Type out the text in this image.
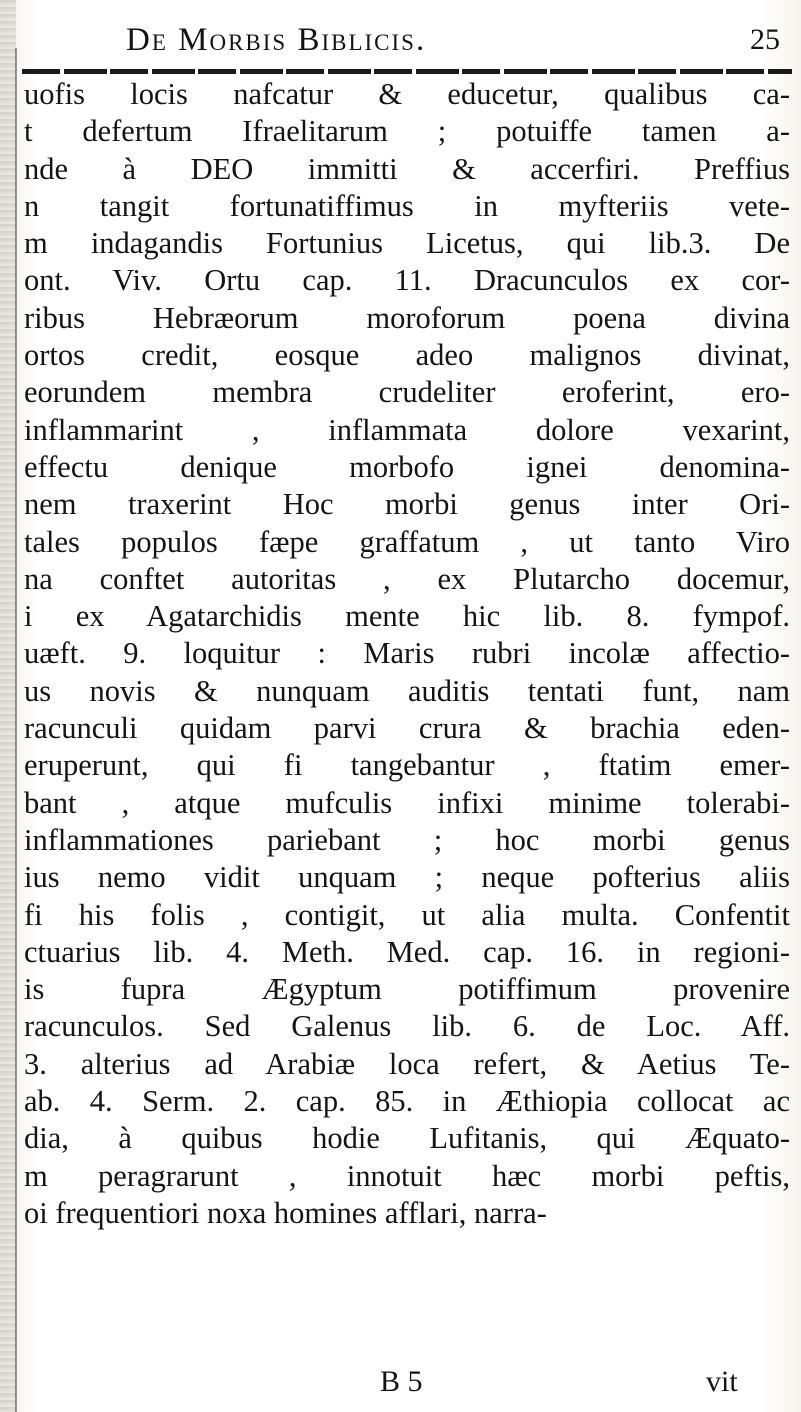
De Morbis Biblicis.	25
uofis locis nafcatur & educetur, qualibus ca-
t defertum Ifraelitarum ; potuiffe tamen a-
nde à DEO immitti & accerfiri. Preffius
n tangit fortunatiffimus in myfteriis vete-
m indagandis Fortunius Licetus, qui lib.3. De
ont. Viv. Ortu cap. 11. Dracunculos ex cor-
ribus Hebræorum moroforum poena divina
ortos credit, eosque adeo malignos divinat,
eorundem membra crudeliter eroferint, ero-
inflammarint , inflammata dolore vexarint,
effectu denique morbofo ignei denomina-
nem traxerint Hoc morbi genus inter Ori-
tales populos fæpe graffatum , ut tanto Viro
na conftet autoritas , ex Plutarcho docemur,
i ex Agatarchidis mente hic lib. 8. fympof.
uæft. 9. loquitur : Maris rubri incolæ affectio-
us novis & nunquam auditis tentati funt, nam
racunculi quidam parvi crura & brachia eden-
eruperunt, qui fi tangebantur , ftatim emer-
bant , atque mufculis infixi minime tolerabi-
inflammationes pariebant ; hoc morbi genus
ius nemo vidit unquam ; neque pofterius aliis
fi his folis , contigit, ut alia multa. Confentit
ctuarius lib. 4. Meth. Med. cap. 16. in regioni-
is fupra Ægyptum potiffimum provenire
racunculos. Sed Galenus lib. 6. de Loc. Aff.
3. alterius ad Arabiæ loca refert, & Aetius Te-
ab. 4. Serm. 2. cap. 85. in Æthiopia collocat ac
dia, à quibus hodie Lufitanis, qui Æquato-
m peragrarunt , innotuit hæc morbi peftis,
oi frequentiori noxa homines afflari, narra-
B 5	vit
